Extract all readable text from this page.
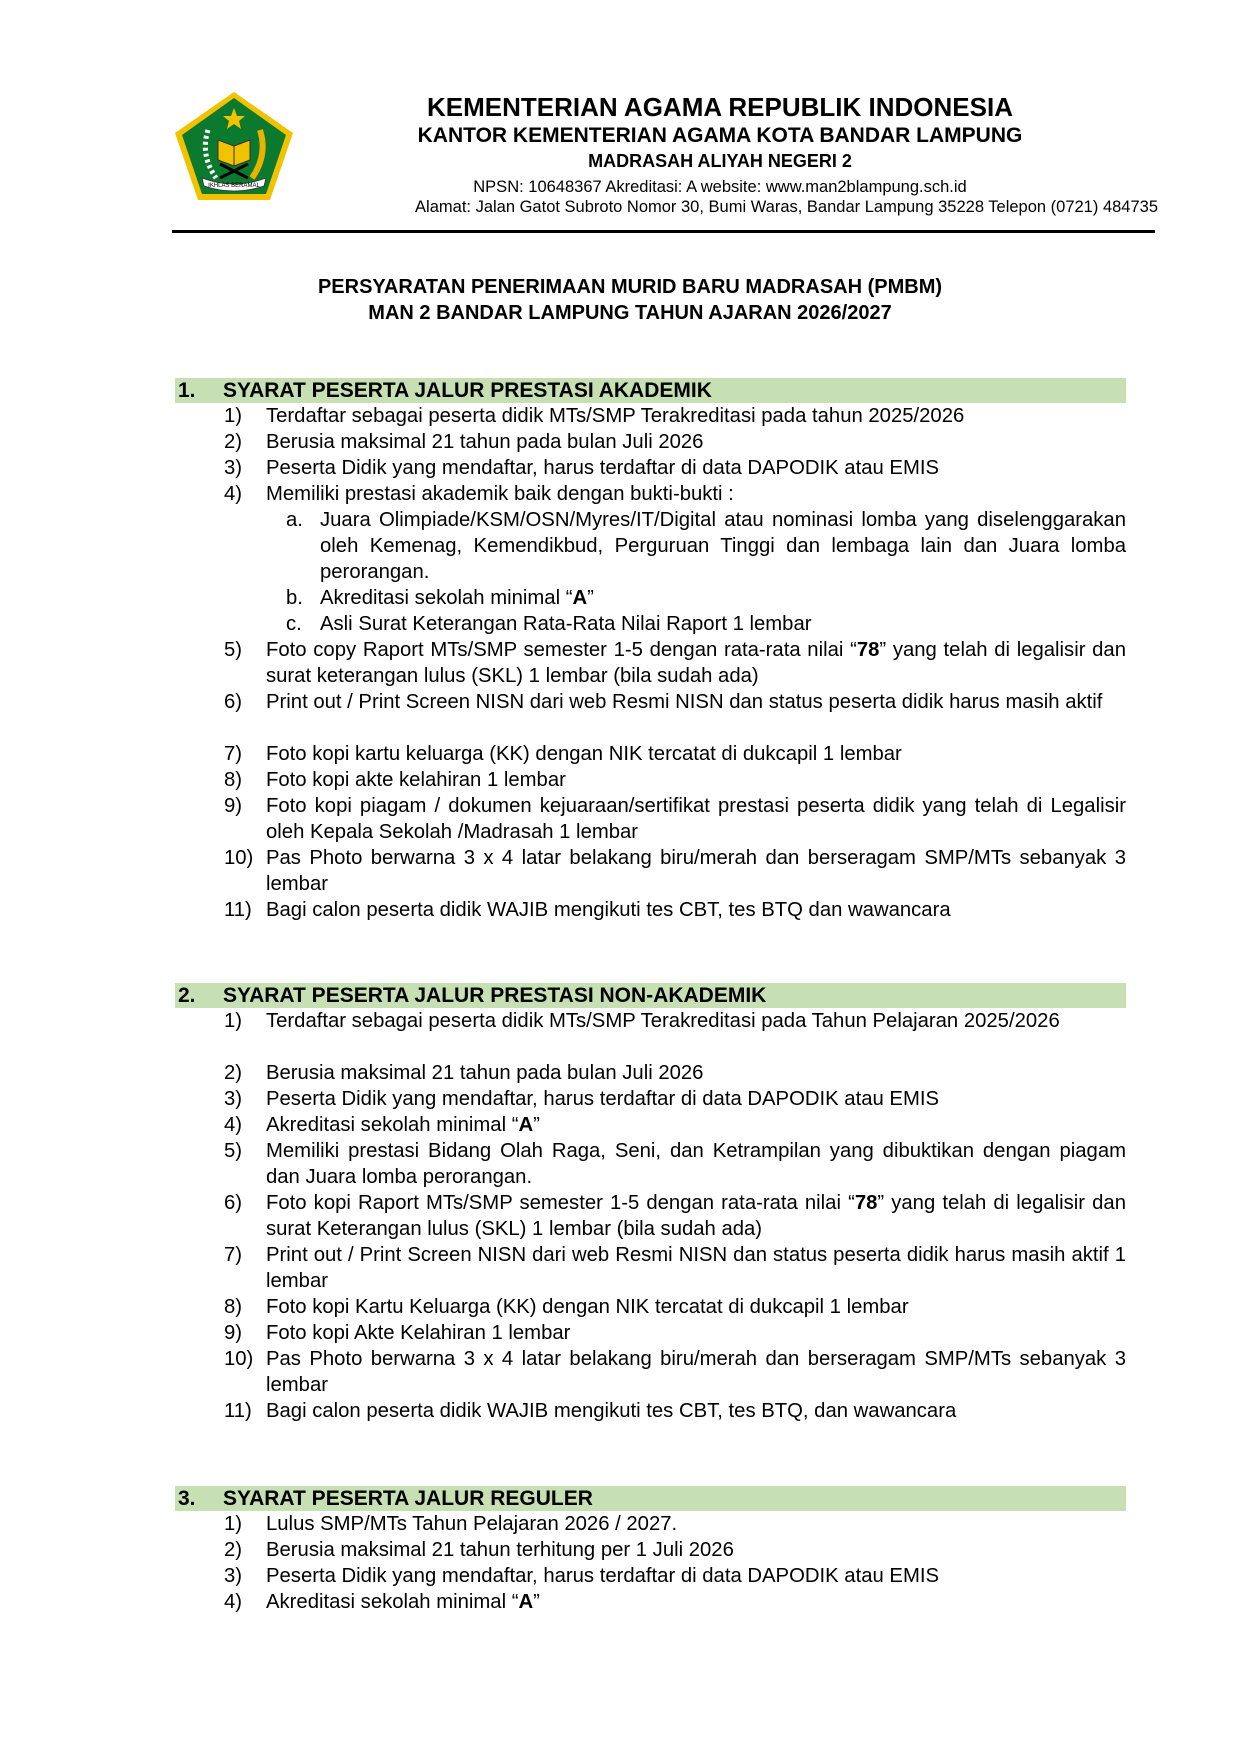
IKHLAS BERAMAL
KEMENTERIAN AGAMA REPUBLIK INDONESIA
KANTOR KEMENTERIAN AGAMA KOTA BANDAR LAMPUNG
MADRASAH ALIYAH NEGERI 2
NPSN: 10648367 Akreditasi: A website: www.man2blampung.sch.id
Alamat: Jalan Gatot Subroto Nomor 30, Bumi Waras, Bandar Lampung 35228 Telepon (0721) 484735
PERSYARATAN PENERIMAAN MURID BARU MADRASAH (PMBM)
MAN 2 BANDAR LAMPUNG TAHUN AJARAN 2026/2027
1. SYARAT PESERTA JALUR PRESTASI AKADEMIK
1) Terdaftar sebagai peserta didik MTs/SMP Terakreditasi pada tahun 2025/2026
2) Berusia maksimal 21 tahun pada bulan Juli 2026
3) Peserta Didik yang mendaftar, harus terdaftar di data DAPODIK atau EMIS
4) Memiliki prestasi akademik baik dengan bukti-bukti :
a. Juara Olimpiade/KSM/OSN/Myres/IT/Digital atau nominasi lomba yang diselenggarakan oleh Kemenag, Kemendikbud, Perguruan Tinggi dan lembaga lain dan Juara lomba perorangan.
b. Akreditasi sekolah minimal “A”
c. Asli Surat Keterangan Rata-Rata Nilai Raport 1 lembar
5) Foto copy Raport MTs/SMP semester 1-5 dengan rata-rata nilai “78” yang telah di legalisir dan surat keterangan lulus (SKL) 1 lembar (bila sudah ada)
6) Print out / Print Screen NISN dari web Resmi NISN dan status peserta didik harus masih aktif
7) Foto kopi kartu keluarga (KK) dengan NIK tercatat di dukcapil 1 lembar
8) Foto kopi akte kelahiran 1 lembar
9) Foto kopi piagam / dokumen kejuaraan/sertifikat prestasi peserta didik yang telah di Legalisir oleh Kepala Sekolah /Madrasah 1 lembar
10) Pas Photo berwarna 3 x 4 latar belakang biru/merah dan berseragam SMP/MTs sebanyak 3 lembar
11) Bagi calon peserta didik WAJIB mengikuti tes CBT, tes BTQ dan wawancara
2. SYARAT PESERTA JALUR PRESTASI NON-AKADEMIK
1) Terdaftar sebagai peserta didik MTs/SMP Terakreditasi pada Tahun Pelajaran 2025/2026
2) Berusia maksimal 21 tahun pada bulan Juli 2026
3) Peserta Didik yang mendaftar, harus terdaftar di data DAPODIK atau EMIS
4) Akreditasi sekolah minimal “A”
5) Memiliki prestasi Bidang Olah Raga, Seni, dan Ketrampilan yang dibuktikan dengan piagam dan Juara lomba perorangan.
6) Foto kopi Raport MTs/SMP semester 1-5 dengan rata-rata nilai “78” yang telah di legalisir dan surat Keterangan lulus (SKL) 1 lembar (bila sudah ada)
7) Print out / Print Screen NISN dari web Resmi NISN dan status peserta didik harus masih aktif 1 lembar
8) Foto kopi Kartu Keluarga (KK) dengan NIK tercatat di dukcapil 1 lembar
9) Foto kopi Akte Kelahiran 1 lembar
10) Pas Photo berwarna 3 x 4 latar belakang biru/merah dan berseragam SMP/MTs sebanyak 3 lembar
11) Bagi calon peserta didik WAJIB mengikuti tes CBT, tes BTQ, dan wawancara
3. SYARAT PESERTA JALUR REGULER
1) Lulus SMP/MTs Tahun Pelajaran 2026 / 2027.
2) Berusia maksimal 21 tahun terhitung per 1 Juli 2026
3) Peserta Didik yang mendaftar, harus terdaftar di data DAPODIK atau EMIS
4) Akreditasi sekolah minimal “A”
